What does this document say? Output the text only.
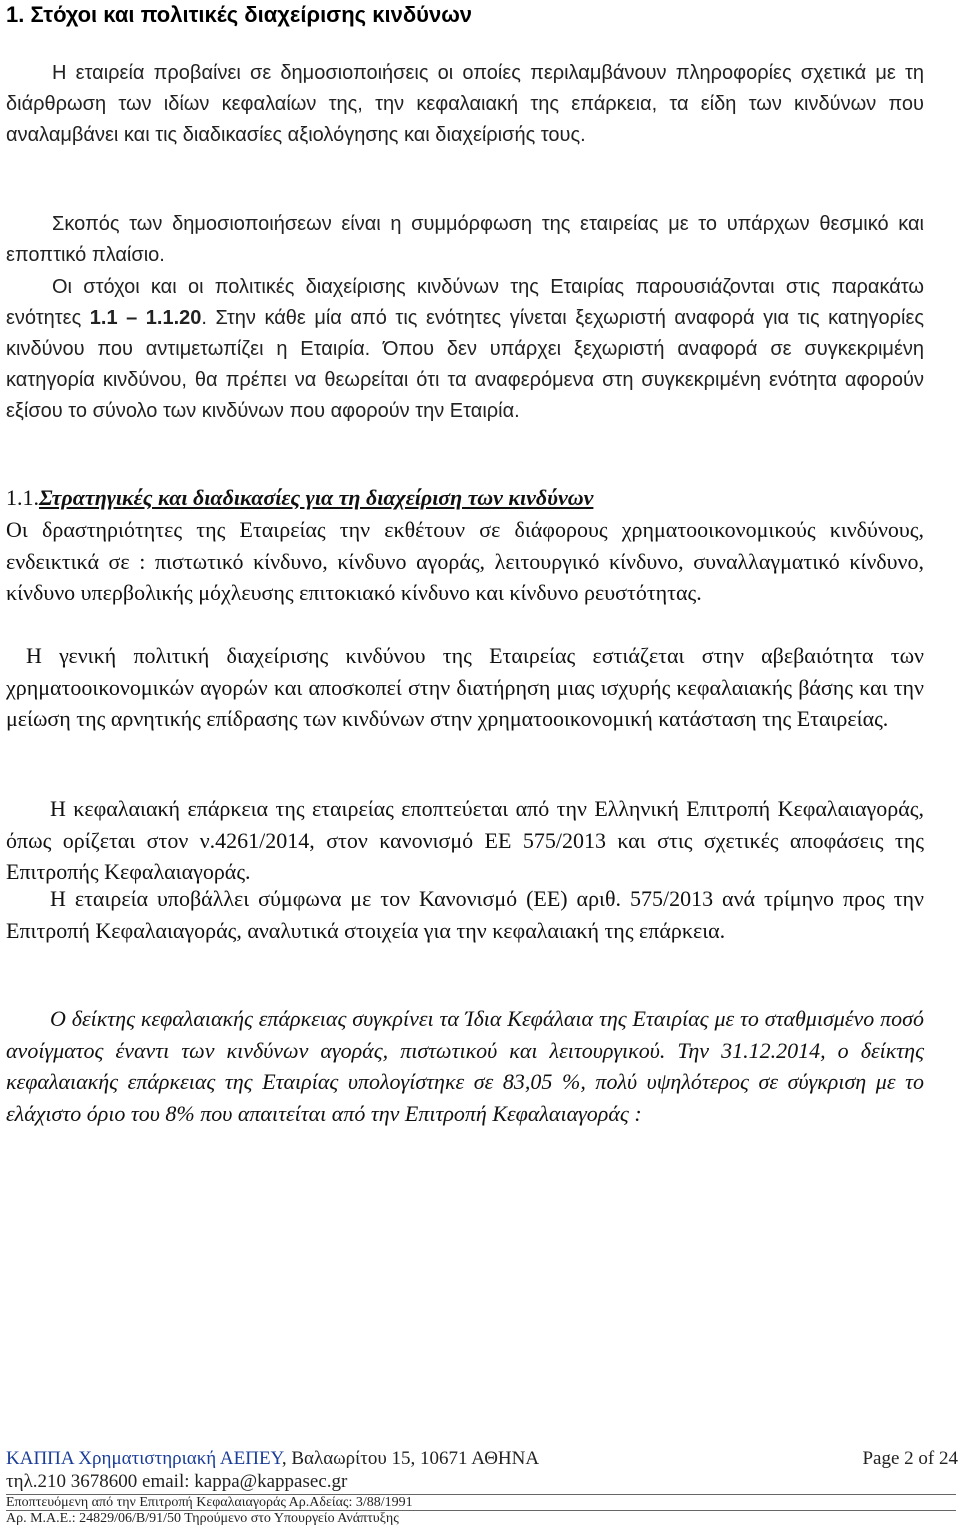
1. Στόχοι και πολιτικές διαχείρισης κινδύνων

Η εταιρεία προβαίνει σε δημοσιοποιήσεις οι οποίες περιλαμβάνουν πληροφορίες σχετικά με τη διάρθρωση των ιδίων κεφαλαίων της, την κεφαλαιακή της επάρκεια, τα είδη των κινδύνων που αναλαμβάνει και τις διαδικασίες αξιολόγησης και διαχείρισής τους.

Σκοπός των δημοσιοποιήσεων είναι η συμμόρφωση της εταιρείας με το υπάρχων θεσμικό και εποπτικό πλαίσιο.

Οι στόχοι και οι πολιτικές διαχείρισης κινδύνων της Εταιρίας παρουσιάζονται στις παρακάτω ενότητες 1.1 – 1.1.20. Στην κάθε μία από τις ενότητες γίνεται ξεχωριστή αναφορά για τις κατηγορίες κινδύνου που αντιμετωπίζει η Εταιρία. Όπου δεν υπάρχει ξεχωριστή αναφορά σε συγκεκριμένη κατηγορία κινδύνου, θα πρέπει να θεωρείται ότι τα αναφερόμενα στη συγκεκριμένη ενότητα αφορούν εξίσου το σύνολο των κινδύνων που αφορούν την Εταιρία.

1.1.Στρατηγικές και διαδικασίες για τη διαχείριση των κινδύνων

Οι δραστηριότητες της Εταιρείας την εκθέτουν σε διάφορους χρηματοοικονομικούς κινδύνους, ενδεικτικά σε : πιστωτικό κίνδυνο, κίνδυνο αγοράς, λειτουργικό κίνδυνο, συναλλαγματικό κίνδυνο, κίνδυνο υπερβολικής μόχλευσης επιτοκιακό κίνδυνο και κίνδυνο ρευστότητας.

Η γενική πολιτική διαχείρισης κινδύνου της Εταιρείας εστιάζεται στην αβεβαιότητα των χρηματοοικονομικών αγορών και αποσκοπεί στην διατήρηση μιας ισχυρής κεφαλαιακής βάσης και την μείωση της αρνητικής επίδρασης των κινδύνων στην χρηματοοικονομική κατάσταση της Εταιρείας.

Η κεφαλαιακή επάρκεια της εταιρείας εποπτεύεται από την Ελληνική Επιτροπή Κεφαλαιαγοράς, όπως ορίζεται στον ν.4261/2014, στον κανονισμό ΕΕ 575/2013 και στις σχετικές αποφάσεις της Επιτροπής Κεφαλαιαγοράς.

Η εταιρεία υποβάλλει σύμφωνα με τον Κανονισμό (ΕΕ) αριθ. 575/2013 ανά τρίμηνο προς την Επιτροπή Κεφαλαιαγοράς, αναλυτικά στοιχεία για την κεφαλαιακή της επάρκεια.

Ο δείκτης κεφαλαιακής επάρκειας συγκρίνει τα Ίδια Κεφάλαια της Εταιρίας με το σταθμισμένο ποσό ανοίγματος έναντι των κινδύνων αγοράς, πιστωτικού και λειτουργικού. Την 31.12.2014, ο δείκτης κεφαλαιακής επάρκειας της Εταιρίας υπολογίστηκε σε 83,05 %, πολύ υψηλότερος σε σύγκριση με το ελάχιστο όριο του 8% που απαιτείται από την Επιτροπή Κεφαλαιαγοράς :

ΚΑΠΠΑ Χρηματιστηριακή ΑΕΠΕΥ, Βαλαωρίτου 15, 10671 ΑΘΗΝΑ	Page 2 of 24
τηλ.210 3678600 email: kappa@kappasec.gr
Εποπτευόμενη από την Επιτροπή Κεφαλαιαγοράς Αρ.Αδείας: 3/88/1991
Αρ. Μ.Α.Ε.: 24829/06/Β/91/50 Τηρούμενο στο Υπουργείο Ανάπτυξης
